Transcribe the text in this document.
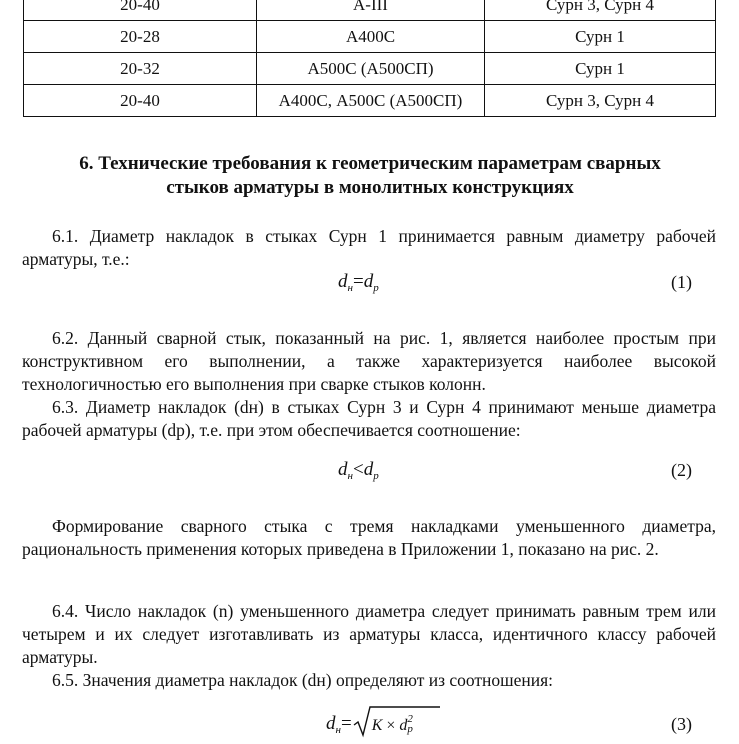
20-40	А-III	Сурн 3, Сурн 4
20-28	А400С	Сурн 1
20-32	А500С (А500СП)	Сурн 1
20-40	А400С, А500С (А500СП)	Сурн 3, Сурн 4
6. Технические требования к геометрическим параметрам сварных
стыков арматуры в монолитных конструкциях

6.1. Диаметр накладок в стыках Сурн 1 принимается равным диаметру рабочей арматуры, т.е.:

$d_н=d_р$	(1)

6.2. Данный сварной стык, показанный на рис. 1, является наиболее простым при конструктивном его выполнении, а также характеризуется наиболее высокой технологичностью его выполнения при сварке стыков колонн.

6.3. Диаметр накладок (dн) в стыках Сурн 3 и Сурн 4 принимают меньше диаметра рабочей арматуры (dр), т.е. при этом обеспечивается соотношение:

$d_н<d_р$	(2)

Формирование сварного стыка с тремя накладками уменьшенного диаметра, рациональность применения которых приведена в Приложении 1, показано на рис. 2.

6.4. Число накладок (n) уменьшенного диаметра следует принимать равным трем или четырем и их следует изготавливать из арматуры класса, идентичного классу рабочей арматуры.

6.5. Значения диаметра накладок (dн) определяют из соотношения:

$d_н= K \times d$ 2
p	(3)
